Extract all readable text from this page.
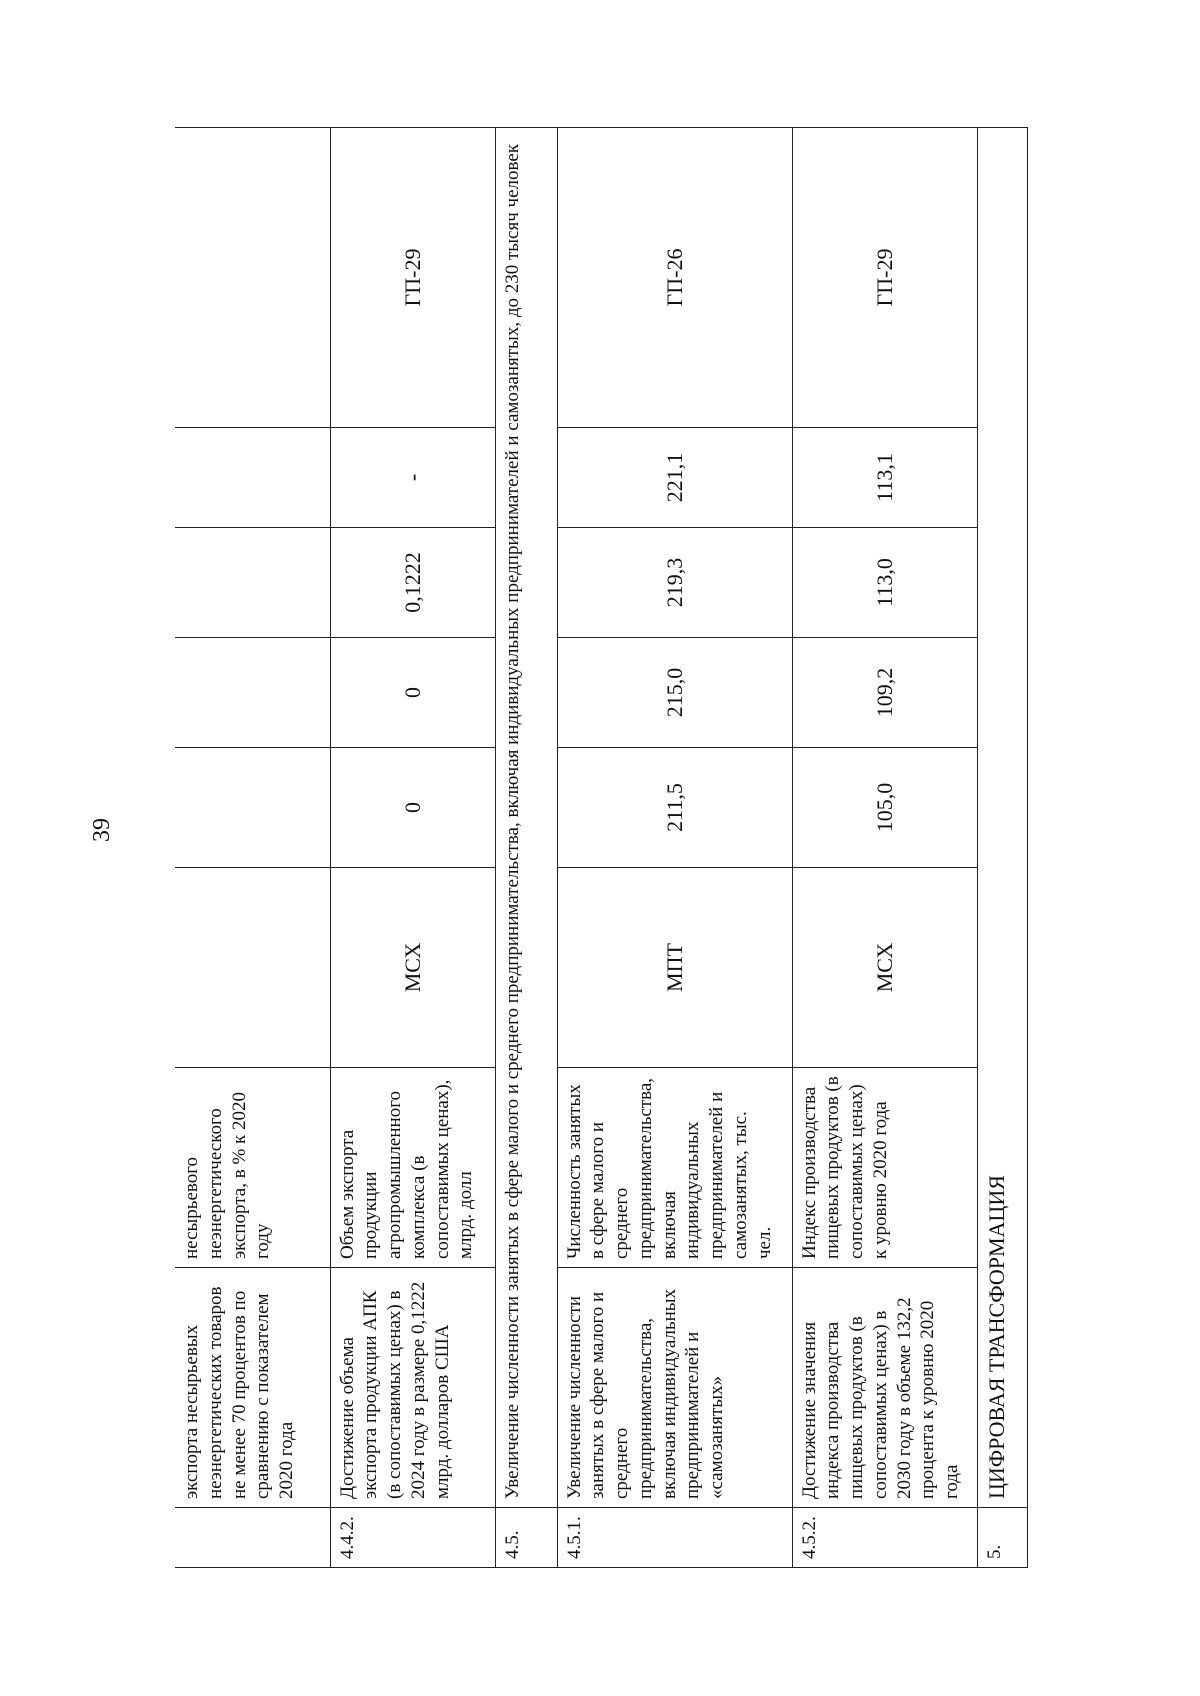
39
	экспорта несырьевых неэнергетических товаров не менее 70 процентов по сравнению с показателем 2020 года	несырьевого неэнергетического экспорта, в % к 2020 году						
4.4.2.	Достижение объема экспорта продукции АПК (в сопоставимых ценах) в 2024 году в размере 0,1222 млрд. долларов США	Объем экспорта продукции агропромышленного комплекса (в сопоставимых ценах), млрд. долл	МСХ	0	0	0,1222	-	ГП-29
4.5.	Увеличение численности занятых в сфере малого и среднего предпринимательства, включая индивидуальных предпринимателей и самозанятых, до 230 тысяч человек							
4.5.1.	Увеличение численности занятых в сфере малого и среднего предпринимательства, включая индивидуальных предпринимателей и «самозанятых»	Численность занятых в сфере малого и среднего предпринимательства, включая индивидуальных предпринимателей и самозанятых, тыс. чел.	МПТ	211,5	215,0	219,3	221,1	ГП-26
4.5.2.	Достижение значения индекса производства пищевых продуктов (в сопоставимых ценах) в 2030 году в объеме 132,2 процента к уровню 2020 года	Индекс производства пищевых продуктов (в сопоставимых ценах) к уровню 2020 года	МСХ	105,0	109,2	113,0	113,1	ГП-29
5.	ЦИФРОВАЯ ТРАНСФОРМАЦИЯ							
